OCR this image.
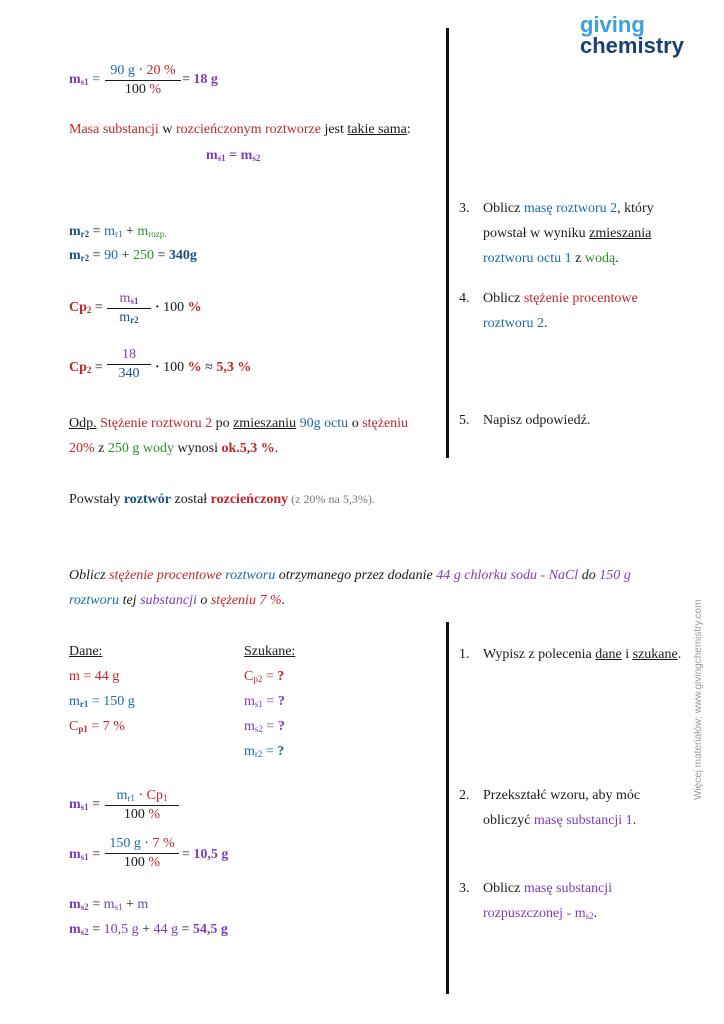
giving
chemistry
Więcej materiałów: www.givingchemistry.com
$m_{s1} = \frac{90 g \cdot 20 \%}{100 \%} = 18$ g
Masa substancji w rozcieńczonym roztworze jest takie sama:
$m_{s1} = m_{s2}$
$m_{r2} = m_{r1} + m_{rozp.}$
$m_{r2} = 90 + 250 = 340g$
$Cp_2 = \frac{m_{s1}}{m_{r2}} \cdot 100$ %
$Cp_2 = \frac{18}{340} \cdot 100$ % ≈ 5,3 %
Odp. Stężenie roztworu 2 po zmieszaniu 90g octu o stężeniu
20% z 250 g wody wynosi ok.5,3 %.
Powstały roztwór został rozcieńczony (z 20% na 5,3%).
3. Oblicz masę roztworu 2, który
powstał w wyniku zmieszania
roztworu octu 1 z wodą.
4. Oblicz stężenie procentowe
roztworu 2.
5. Napisz odpowiedź.
Oblicz stężenie procentowe roztworu otrzymanego przez dodanie 44 g chlorku sodu - NaCl do 150 g
roztworu tej substancji o stężeniu 7 %.
Dane:
m = 44 g
$m_{r1} = 150$ g
$C_{p1} = 7$ %
Szukane:
$C_{p2}$ = ?
$m_{s1}$ = ?
$m_{s2}$ = ?
$m_{r2}$ = ?
$m_{s1} = \frac{m_{r1} \cdot Cp_1}{100 \%}$
$m_{s1} = \frac{150 g \cdot 7 \%}{100 \%} = 10,5$ g
$m_{s2} = m_{s1} + m$
$m_{s2} = 10,5$ g + 44 g = 54,5 g
1. Wypisz z polecenia dane i szukane.
2. Przekształć wzoru, aby móc
obliczyć masę substancji 1.
3. Oblicz masę substancji
rozpuszczonej - $m_{s2}$.
